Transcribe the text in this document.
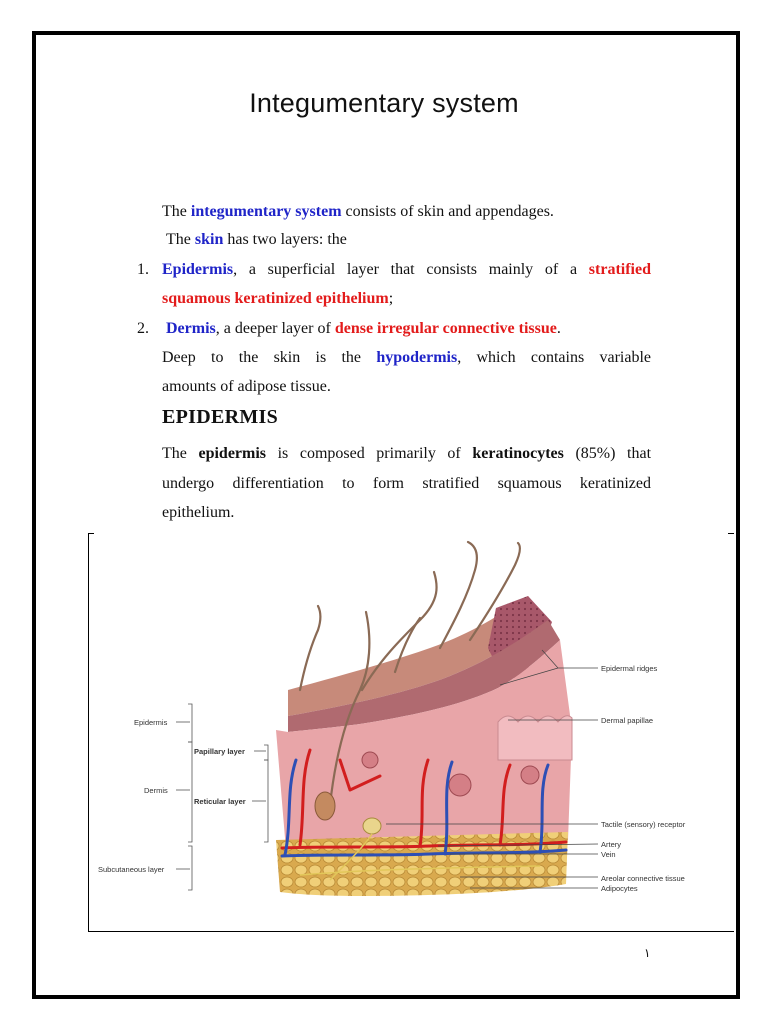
Integumentary system
The integumentary system consists of skin and appendages.
The skin has two layers: the
1. Epidermis, a superficial layer that consists mainly of a stratified
squamous keratinized epithelium;
2. Dermis, a deeper layer of dense irregular connective tissue.
Deep to the skin is the hypodermis, which contains variable
amounts of adipose tissue.
EPIDERMIS
The epidermis is composed primarily of keratinocytes (85%) that
undergo differentiation to form stratified squamous keratinized
epithelium.
Epidermis
Papillary layer
Dermis
Reticular layer
Subcutaneous layer
Epidermal ridges
Dermal papillae
Tactile (sensory) receptor
Artery
Vein
Areolar connective tissue
Adipocytes
١
